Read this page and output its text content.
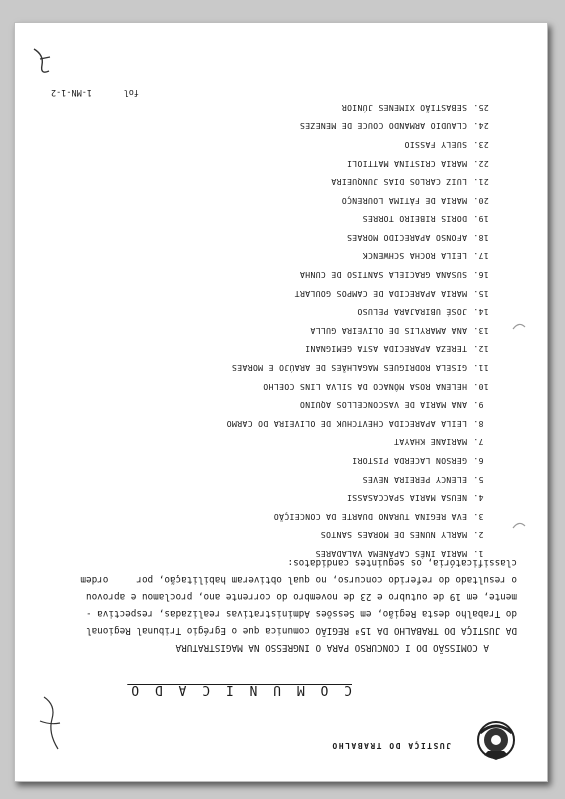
JUSTIÇA DO TRABALHO
C O M U N I C A D O
A COMISSÃO DO I CONCURSO PARA O INGRESSO NA MAGISTRATURA
DA JUSTIÇA DO TRABALHO DA 15ª REGIÃO comunica que o Egrégio Tribunal Regional
do Trabalho desta Região, em Sessões Administrativas realizadas, respectiva -
mente, em 19 de outubro e 23 de novembro do corrente ano, proclamou e aprovou
o resultado do referido concurso, no qual obtiveram habilitação, por     ordem
classificatória, os seguintes candidatos:
1.
MARIA INÊS CAPANEMA VALADARES
2.
MARLY NUNES DE MORAES SANTOS
3.
EVA REGINA TURANO DUARTE DA CONCEIÇÃO
4.
NEUSA MARIA SPACCASASSI
5.
ELENCY PEREIRA NEVES
6.
GERSON LACERDA PISTORI
7.
MARIANE KHAYAT
8.
LEILA APARECIDA CHEVTCHUK DE OLIVEIRA DO CARMO
9.
ANA MARIA DE VASCONCELLOS AQUINO
10.
HELENA ROSA MÔNACO DA SILVA LINS COELHO
11.
GISELA RODRIGUES MAGALHÃES DE ARAÚJO E MORAES
12.
TEREZA APARECIDA ASTA GEMIGNANI
13.
ANA AMARYLIS DE OLIVEIRA GULLA
14.
JOSÉ UBIRAJARA PELUSO
15.
MARIA APARECIDA DE CAMPOS GOULART
16.
SUSANA GRACIELA SANTISO DE CUNHA
17.
LEILA ROCHA SCHWENCK
18.
AFONSO APARECIDO MORAES
19.
DORIS RIBEIRO TORRES
20.
MARIA DE FÁTIMA LOURENÇO
21.
LUIZ CARLOS DIAS JUNQUEIRA
22.
MARIA CRISTINA MATTIOLI
23.
SUELY FASSIO
24.
CLAUDIO ARMANDO COUCE DE MENEZES
25.
SEBASTIÃO XIMENES JÚNIOR
fol
1-MN-1-2
